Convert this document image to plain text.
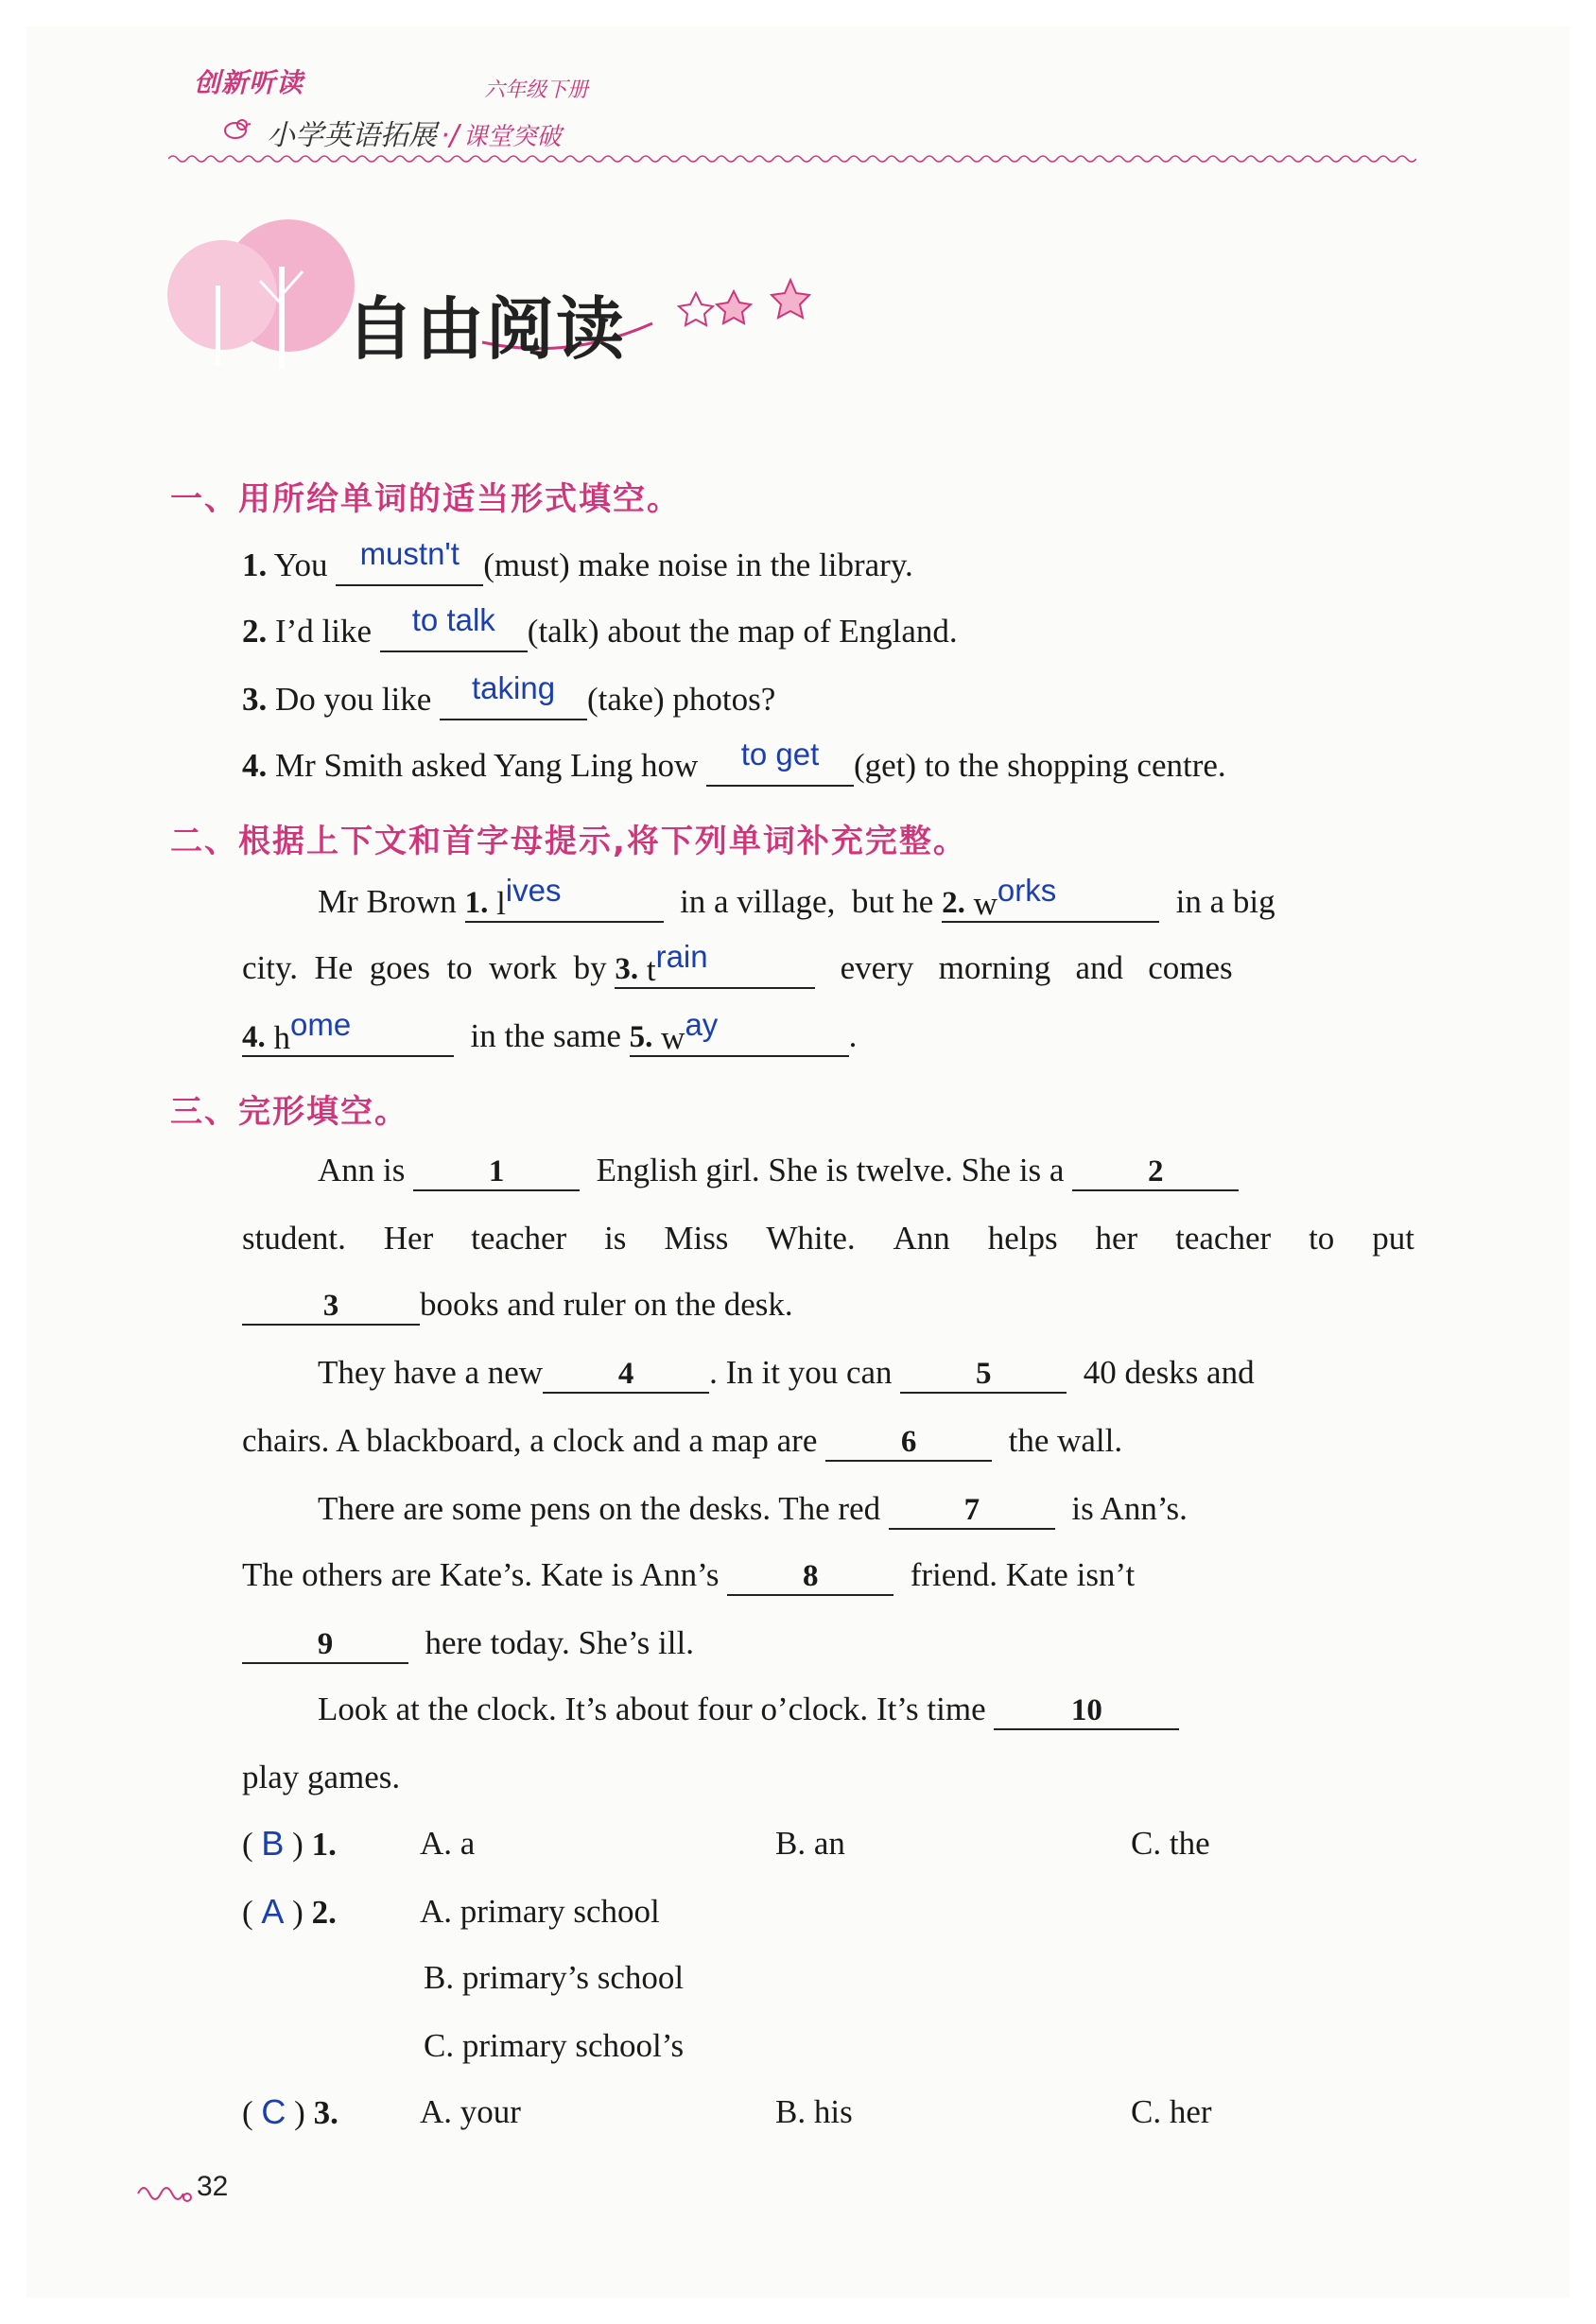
创新听读	六年级下册
小学英语拓展 ·/ 课堂突破
自由阅读
一、用所给单词的适当形式填空。
1. You mustn't (must) make noise in the library.
2. I’d like to talk (talk) about the map of England.
3. Do you like taking (take) photos?
4. Mr Smith asked Yang Ling how to get (get) to the shopping centre.
二、根据上下文和首字母提示,将下列单词补充完整。
Mr Brown 1. lives	in a village, but he 2. works	in a big
city. He goes to work by 3. train	every morning and comes
4. home	in the same 5. way	.
三、完形填空。
Ann is	1	English girl. She is twelve. She is a	2
student. Her teacher is Miss White. Ann helps her teacher to put
3 books and ruler on the desk.
They have a new 4 . In it you can	5	40 desks and
chairs. A blackboard, a clock and a map are	6	the wall.
There are some pens on the desks. The red	7	is Ann’s.
The others are Kate’s. Kate is Ann’s	8	friend. Kate isn’t
9	here today. She’s ill.
Look at the clock. It’s about four o’clock. It’s time	10
play games.
( B ) 1.	A. a	B. an	C. the
( A ) 2.	A. primary school
B. primary’s school
C. primary school’s
( C ) 3. A. your	B. his	C. her
32
